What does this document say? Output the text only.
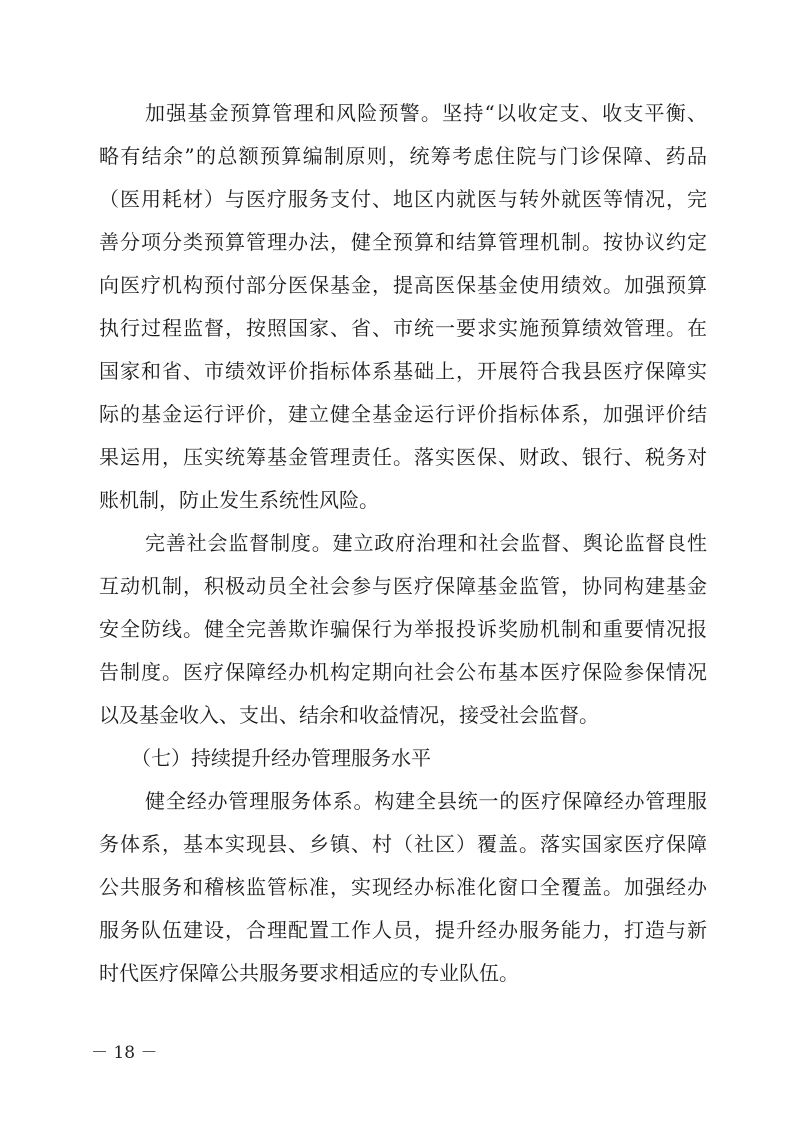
加强基金预算管理和风险预警。坚持“以收定支、收支平衡、
略有结余”的总额预算编制原则，统筹考虑住院与门诊保障、药品
（医用耗材）与医疗服务支付、地区内就医与转外就医等情况，完
善分项分类预算管理办法，健全预算和结算管理机制。按协议约定
向医疗机构预付部分医保基金，提高医保基金使用绩效。加强预算
执行过程监督，按照国家、省、市统一要求实施预算绩效管理。在
国家和省、市绩效评价指标体系基础上，开展符合我县医疗保障实
际的基金运行评价，建立健全基金运行评价指标体系，加强评价结
果运用，压实统筹基金管理责任。落实医保、财政、银行、税务对
账机制，防止发生系统性风险。
完善社会监督制度。建立政府治理和社会监督、舆论监督良性
互动机制，积极动员全社会参与医疗保障基金监管，协同构建基金
安全防线。健全完善欺诈骗保行为举报投诉奖励机制和重要情况报
告制度。医疗保障经办机构定期向社会公布基本医疗保险参保情况
以及基金收入、支出、结余和收益情况，接受社会监督。
（七）持续提升经办管理服务水平
健全经办管理服务体系。构建全县统一的医疗保障经办管理服
务体系，基本实现县、乡镇、村（社区）覆盖。落实国家医疗保障
公共服务和稽核监管标准，实现经办标准化窗口全覆盖。加强经办
服务队伍建设，合理配置工作人员，提升经办服务能力，打造与新
时代医疗保障公共服务要求相适应的专业队伍。
－ 18 －
